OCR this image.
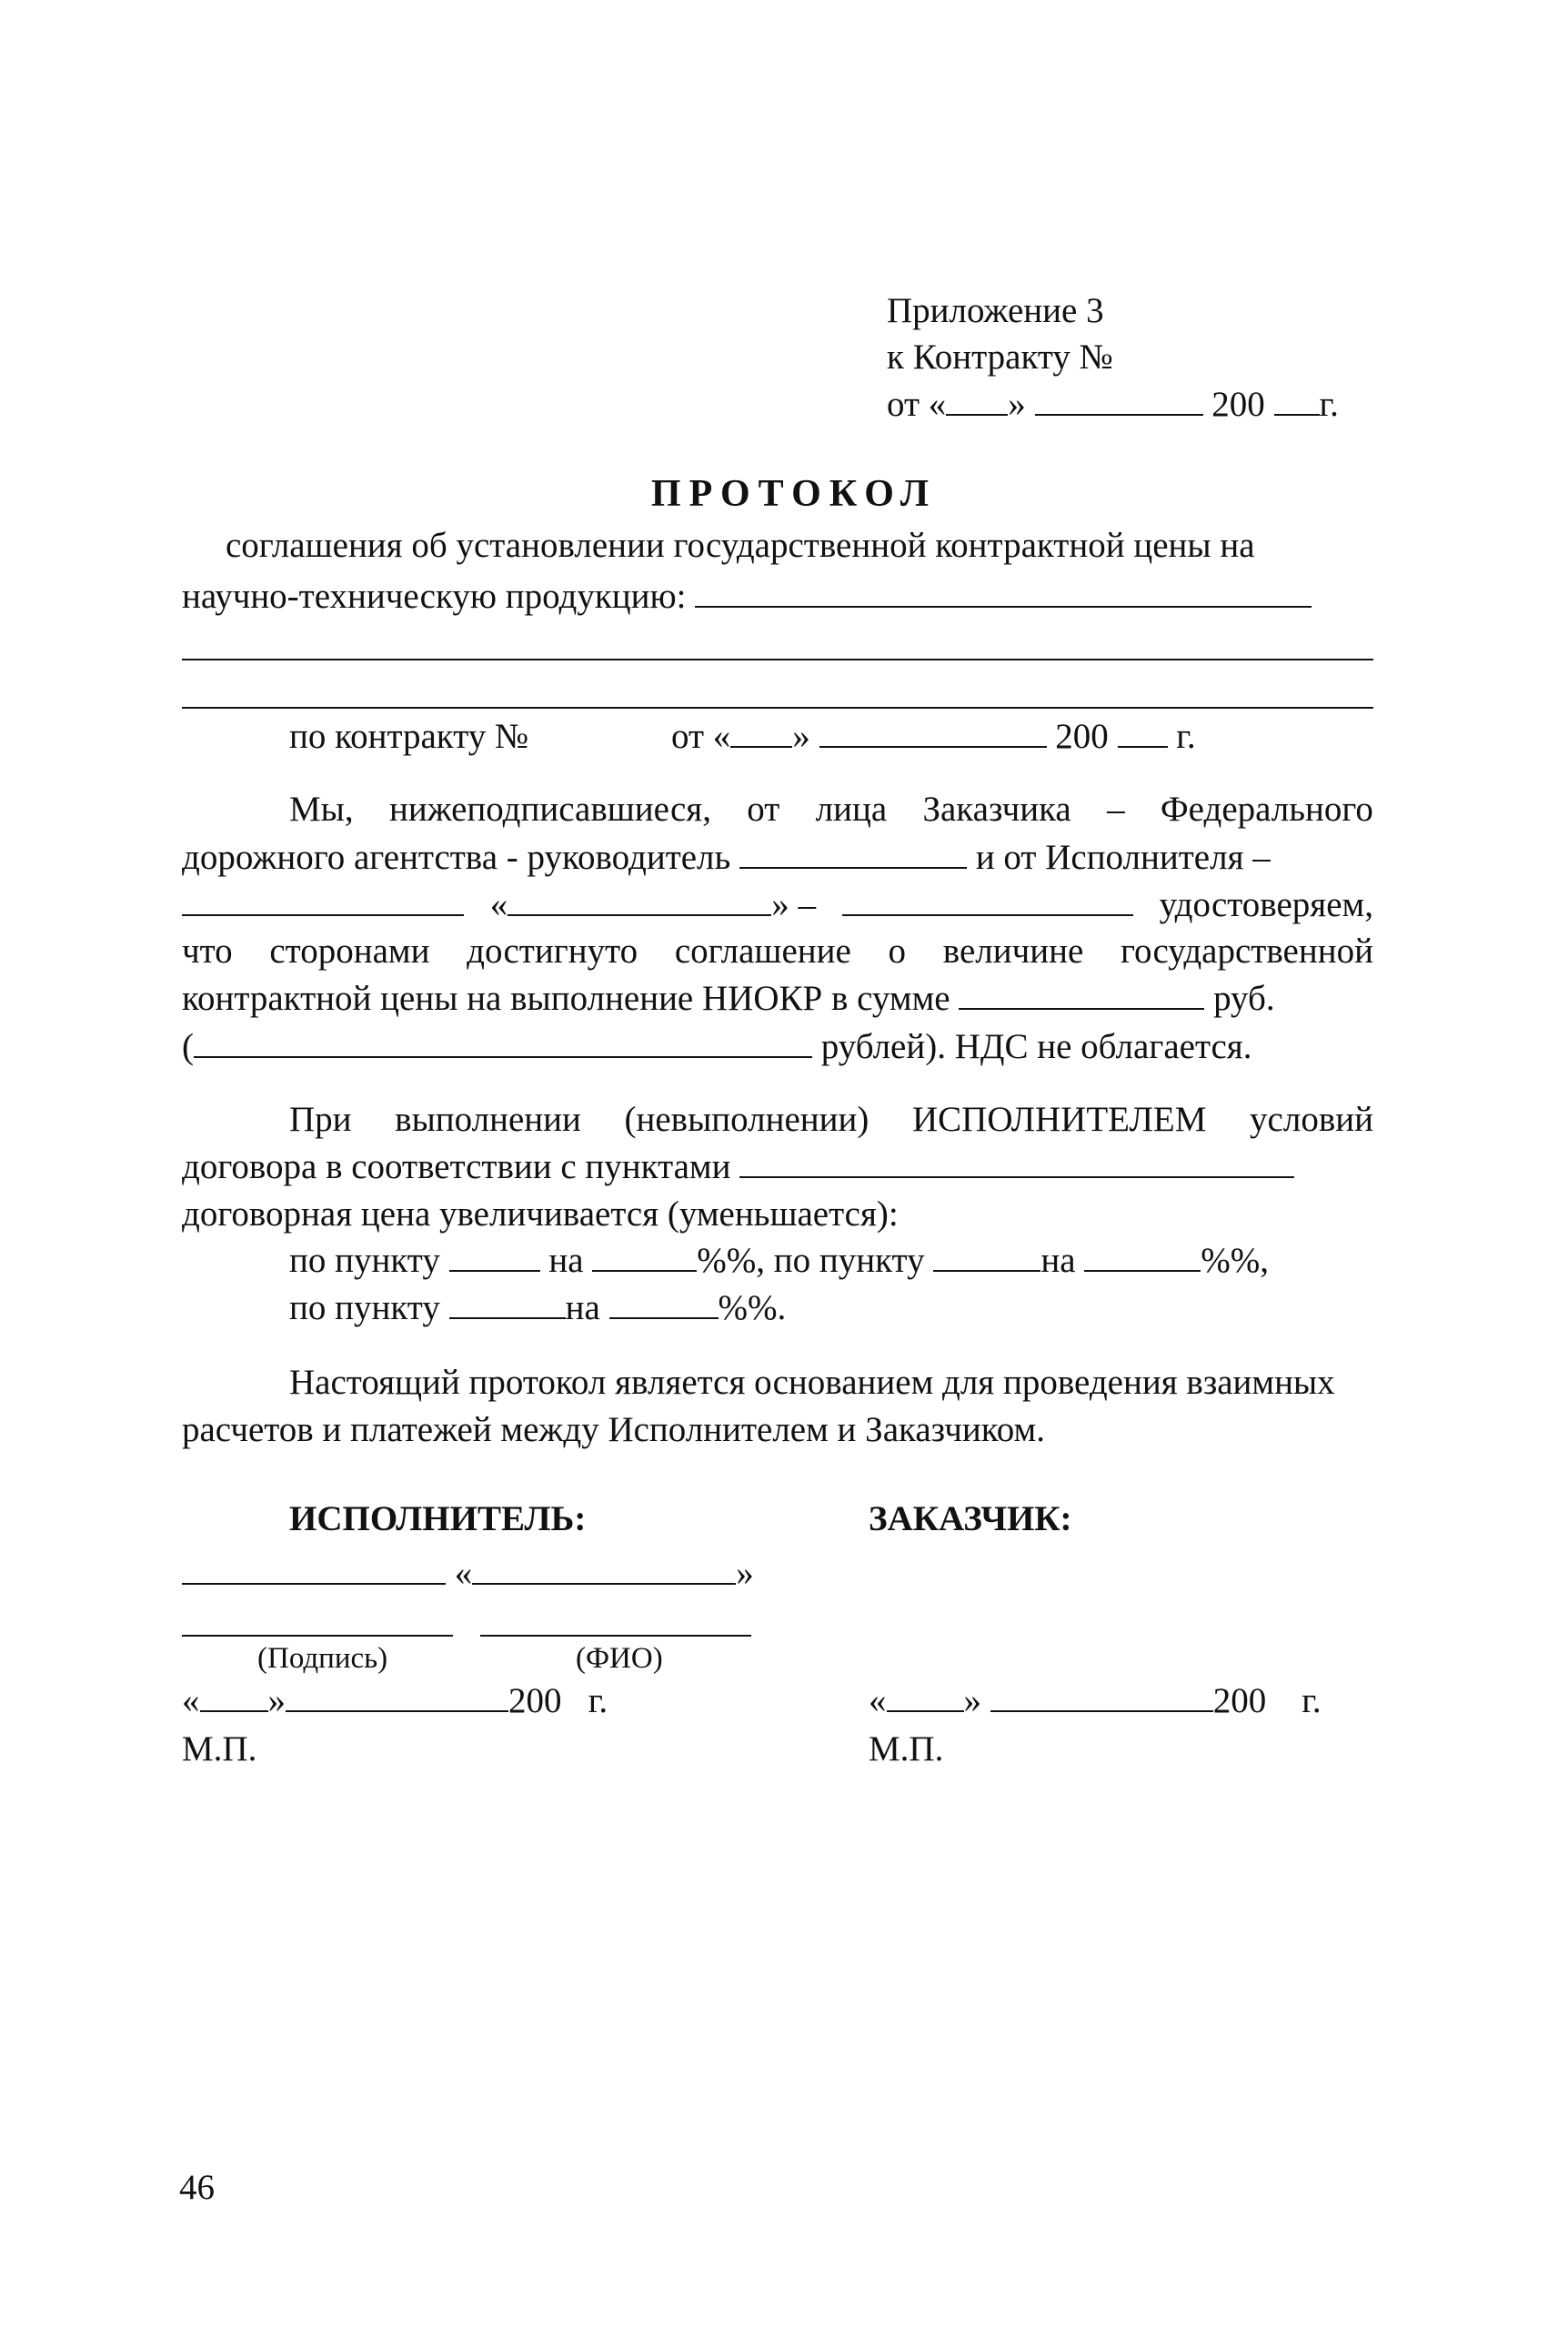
Приложение 3
к Контракту №
от « »	200 г.
ПРОТОКОЛ
соглашения об установлении государственной контрактной цены на
научно-техническую продукцию:
по контракту №	от « »	200 г.
Мы, нижеподписавшиеся, от лица Заказчика – Федерального
дорожного агентства - руководитель	и от Исполнителя –
«	» –	удостоверяем,
что сторонами достигнуто соглашение о величине государственной
контрактной цены на выполнение НИОКР в сумме	руб.
(	рублей). НДС не облагается.
При выполнении (невыполнении) ИСПОЛНИТЕЛЕМ условий
договора в соответствии с пунктами
договорная цена увеличивается (уменьшается):
по пункту	на	%%, по пункту	на	%%,
по пункту	на	%%.
Настоящий протокол является основанием для проведения взаимных
расчетов и платежей между Исполнителем и Заказчиком.
ИСПОЛНИТЕЛЬ:	ЗАКАЗЧИК:
«	»
(Подпись)	(ФИО)
« »	200 г.	« »	200 г.
М.П.	М.П.
46
